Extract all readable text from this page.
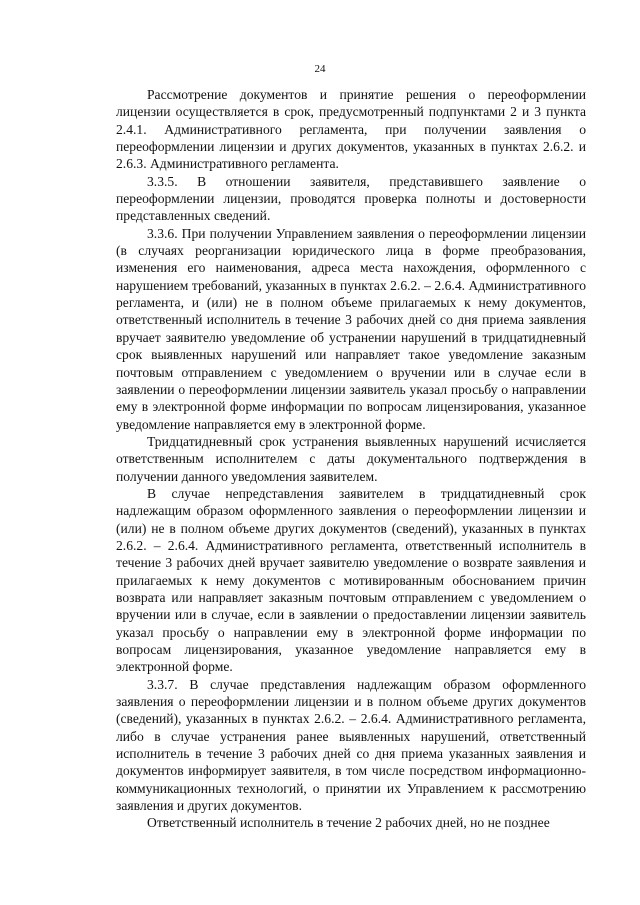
24

Рассмотрение документов и принятие решения о переоформлении лицензии осуществляется в срок, предусмотренный подпунктами 2 и 3 пункта 2.4.1. Административного регламента, при получении заявления о переоформлении лицензии и других документов, указанных в пунктах 2.6.2. и 2.6.3. Административного регламента.

3.3.5. В отношении заявителя, представившего заявление о переоформлении лицензии, проводятся проверка полноты и достоверности представленных сведений.

3.3.6. При получении Управлением заявления о переоформлении лицензии (в случаях реорганизации юридического лица в форме преобразования, изменения его наименования, адреса места нахождения, оформленного с нарушением требований, указанных в пунктах 2.6.2. – 2.6.4. Административного регламента, и (или) не в полном объеме прилагаемых к нему документов, ответственный исполнитель в течение 3 рабочих дней со дня приема заявления вручает заявителю уведомление об устранении нарушений в тридцатидневный срок выявленных нарушений или направляет такое уведомление заказным почтовым отправлением с уведомлением о вручении или в случае если в заявлении о переоформлении лицензии заявитель указал просьбу о направлении ему в электронной форме информации по вопросам лицензирования, указанное уведомление направляется ему в электронной форме.

Тридцатидневный срок устранения выявленных нарушений исчисляется ответственным исполнителем с даты документального подтверждения в получении данного уведомления заявителем.

В случае непредставления заявителем в тридцатидневный срок надлежащим образом оформленного заявления о переоформлении лицензии и (или) не в полном объеме других документов (сведений), указанных в пунктах 2.6.2. – 2.6.4. Административного регламента, ответственный исполнитель в течение 3 рабочих дней вручает заявителю уведомление о возврате заявления и прилагаемых к нему документов с мотивированным обоснованием причин возврата или направляет заказным почтовым отправлением с уведомлением о вручении или в случае, если в заявлении о предоставлении лицензии заявитель указал просьбу о направлении ему в электронной форме информации по вопросам лицензирования, указанное уведомление направляется ему в электронной форме.

3.3.7. В случае представления надлежащим образом оформленного заявления о переоформлении лицензии и в полном объеме других документов (сведений), указанных в пунктах 2.6.2. – 2.6.4. Административного регламента, либо в случае устранения ранее выявленных нарушений, ответственный исполнитель в течение 3 рабочих дней со дня приема указанных заявления и документов информирует заявителя, в том числе посредством информационно-коммуникационных технологий, о принятии их Управлением к рассмотрению заявления и других документов.

Ответственный исполнитель в течение 2 рабочих дней, но не позднее
